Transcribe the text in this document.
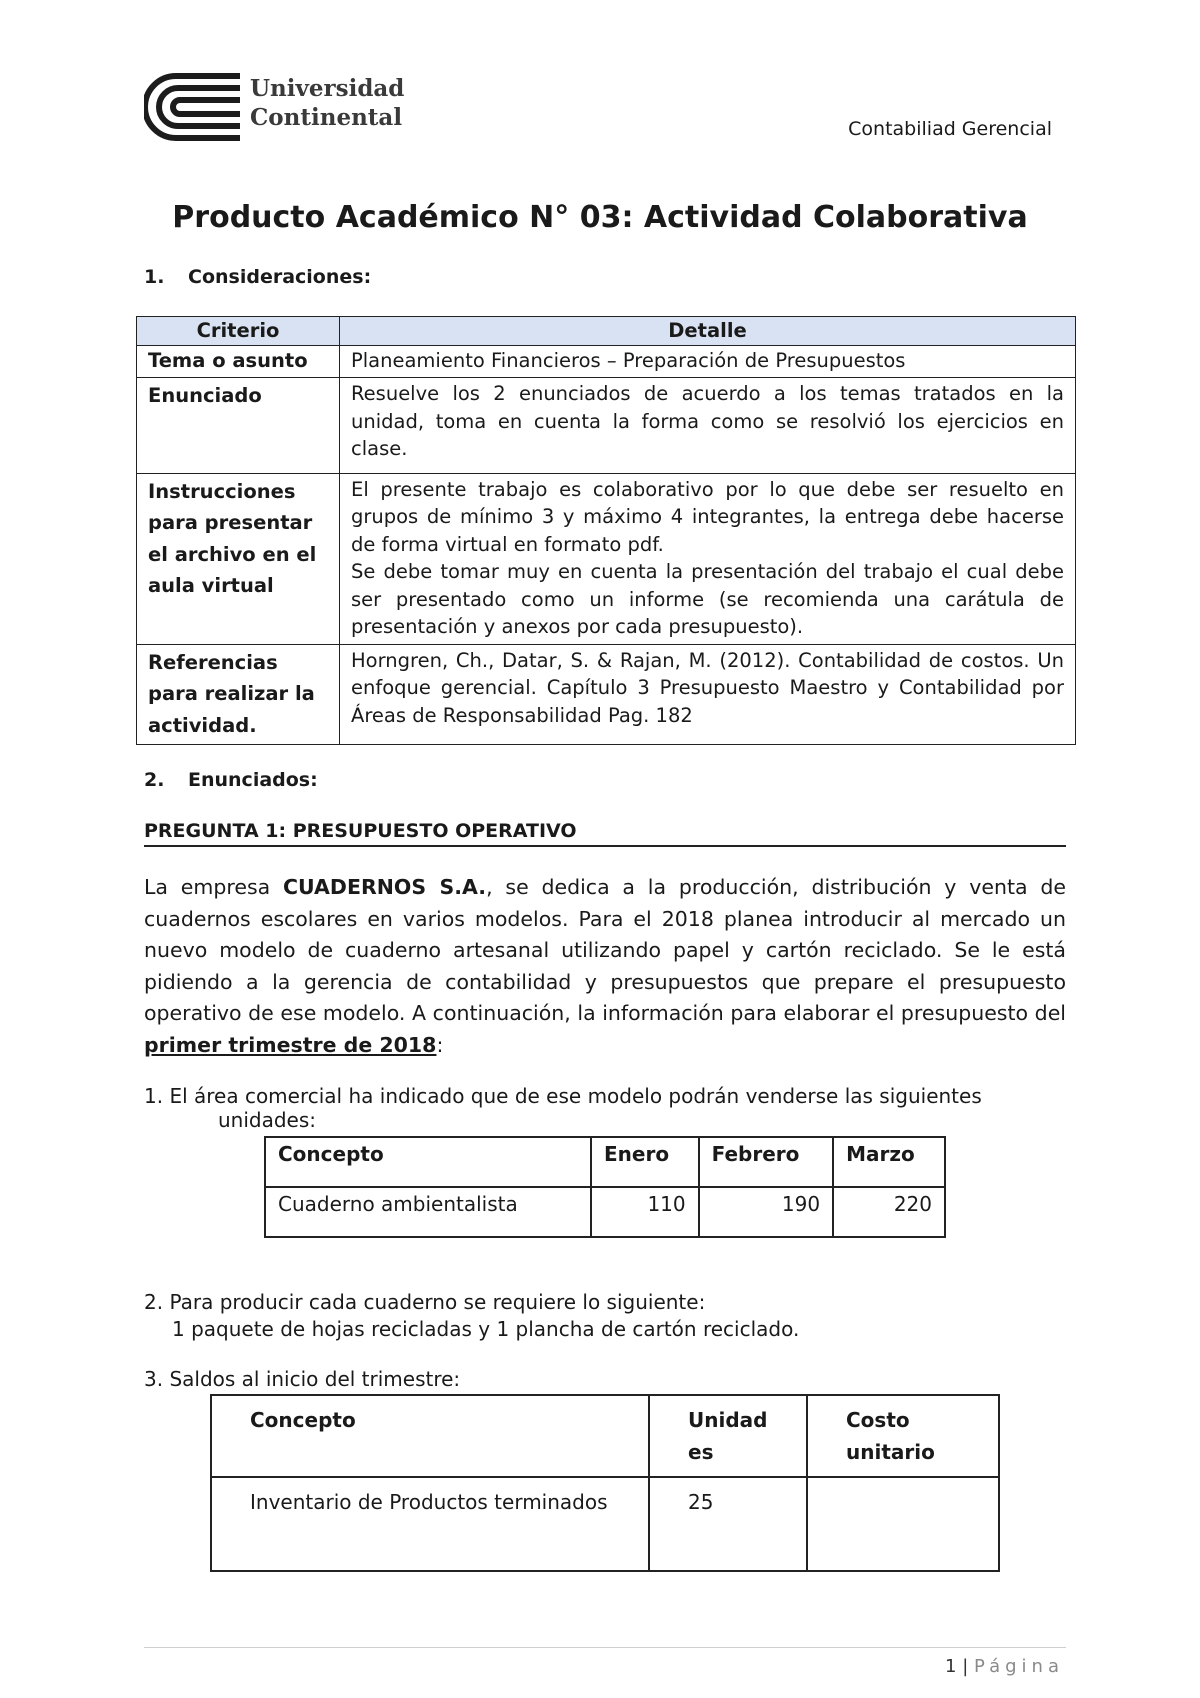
Universidad
Continental	Contabiliad Gerencial
Producto Académico N° 03: Actividad Colaborativa
1. Consideraciones:
Criterio	Detalle
Tema o asunto	Planeamiento Financieros – Preparación de Presupuestos
Enunciado	Resuelve los 2 enunciados de acuerdo a los temas tratados en la unidad, toma en cuenta la forma como se resolvió los ejercicios en clase.
Instrucciones para presentar el archivo en el aula virtual	El presente trabajo es colaborativo por lo que debe ser resuelto en grupos de mínimo 3 y máximo 4 integrantes, la entrega debe hacerse de forma virtual en formato pdf.
Se debe tomar muy en cuenta la presentación del trabajo el cual debe ser presentado como un informe (se recomienda una carátula de presentación y anexos por cada presupuesto).

Referencias para realizar la actividad.	Horngren, Ch., Datar, S. & Rajan, M. (2012). Contabilidad de costos. Un enfoque gerencial. Capítulo 3 Presupuesto Maestro y Contabilidad por Áreas de Responsabilidad Pag. 182
2. Enunciados:
PREGUNTA 1: PRESUPUESTO OPERATIVO
La empresa CUADERNOS S.A., se dedica a la producción, distribución y venta de cuadernos escolares en varios modelos. Para el 2018 planea introducir al mercado un nuevo modelo de cuaderno artesanal utilizando papel y cartón reciclado. Se le está pidiendo a la gerencia de contabilidad y presupuestos que prepare el presupuesto operativo de ese modelo. A continuación, la información para elaborar el presupuesto del primer trimestre de 2018:
1. El área comercial ha indicado que de ese modelo podrán venderse las siguientes
unidades:
Concepto	Enero	Febrero	Marzo
Cuaderno ambientalista	110	190	220
2. Para producir cada cuaderno se requiere lo siguiente:
1 paquete de hojas recicladas y 1 plancha de cartón reciclado.
3. Saldos al inicio del trimestre:
Concepto	Unidades	Costo unitario
Inventario de Productos terminados	25	
1 | Página
